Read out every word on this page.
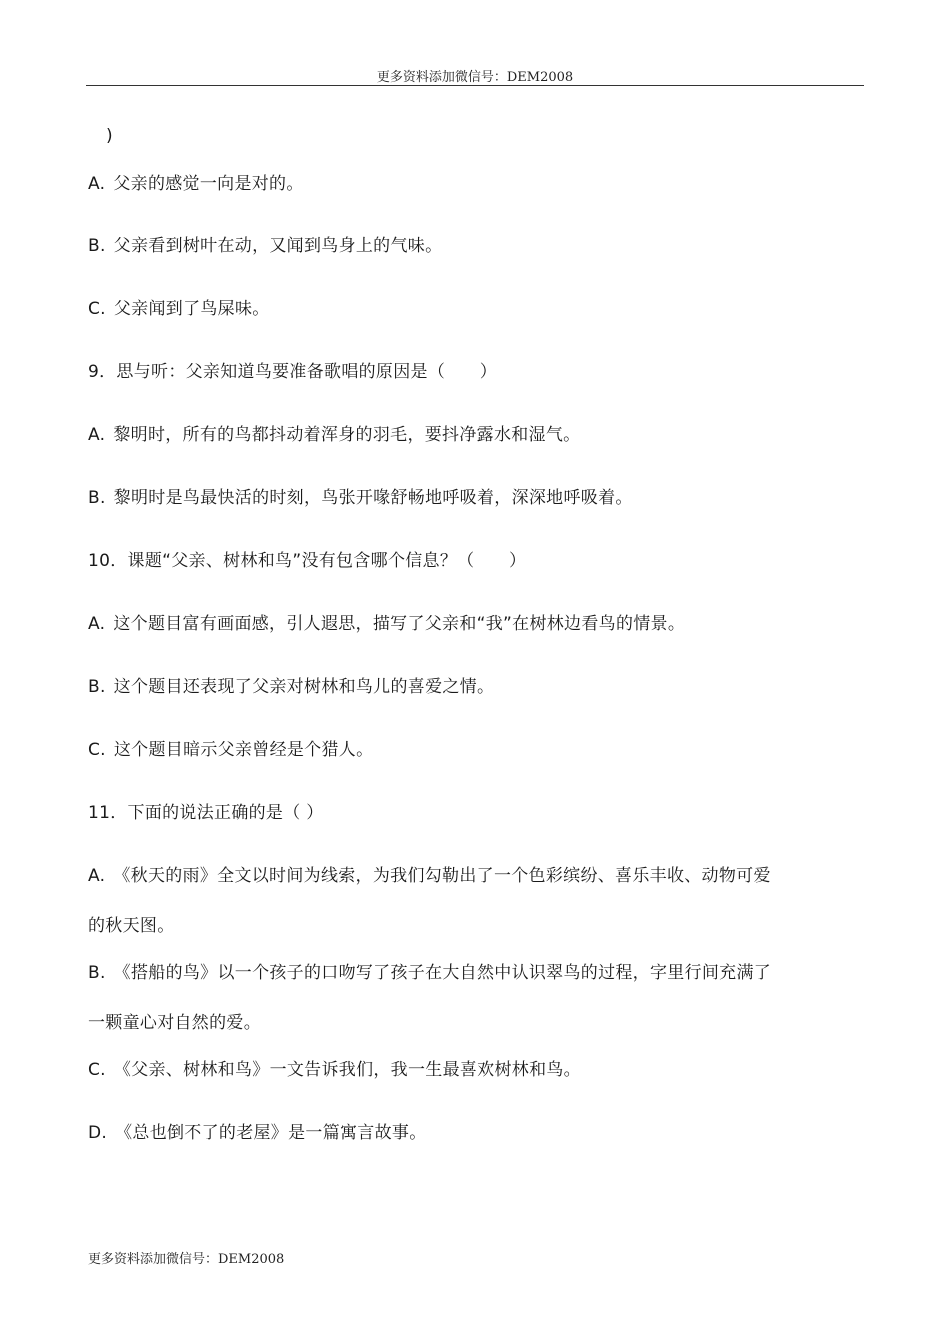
更多资料添加微信号：DEM2008
)
A. 父亲的感觉一向是对的。
B. 父亲看到树叶在动，又闻到鸟身上的气味。
C. 父亲闻到了鸟屎味。
9．思与听：父亲知道鸟要准备歌唱的原因是（　　）
A. 黎明时，所有的鸟都抖动着浑身的羽毛，要抖净露水和湿气。
B. 黎明时是鸟最快活的时刻，鸟张开喙舒畅地呼吸着，深深地呼吸着。
10．课题“父亲、树林和鸟”没有包含哪个信息？（　　）
A. 这个题目富有画面感，引人遐思，描写了父亲和“我”在树林边看鸟的情景。
B. 这个题目还表现了父亲对树林和鸟儿的喜爱之情。
C. 这个题目暗示父亲曾经是个猎人。
11．下面的说法正确的是（ ）
A. 《秋天的雨》全文以时间为线索，为我们勾勒出了一个色彩缤纷、喜乐丰收、动物可爱
的秋天图。
B. 《搭船的鸟》以一个孩子的口吻写了孩子在大自然中认识翠鸟的过程，字里行间充满了
一颗童心对自然的爱。
C. 《父亲、树林和鸟》一文告诉我们，我一生最喜欢树林和鸟。
D. 《总也倒不了的老屋》是一篇寓言故事。
更多资料添加微信号：DEM2008
